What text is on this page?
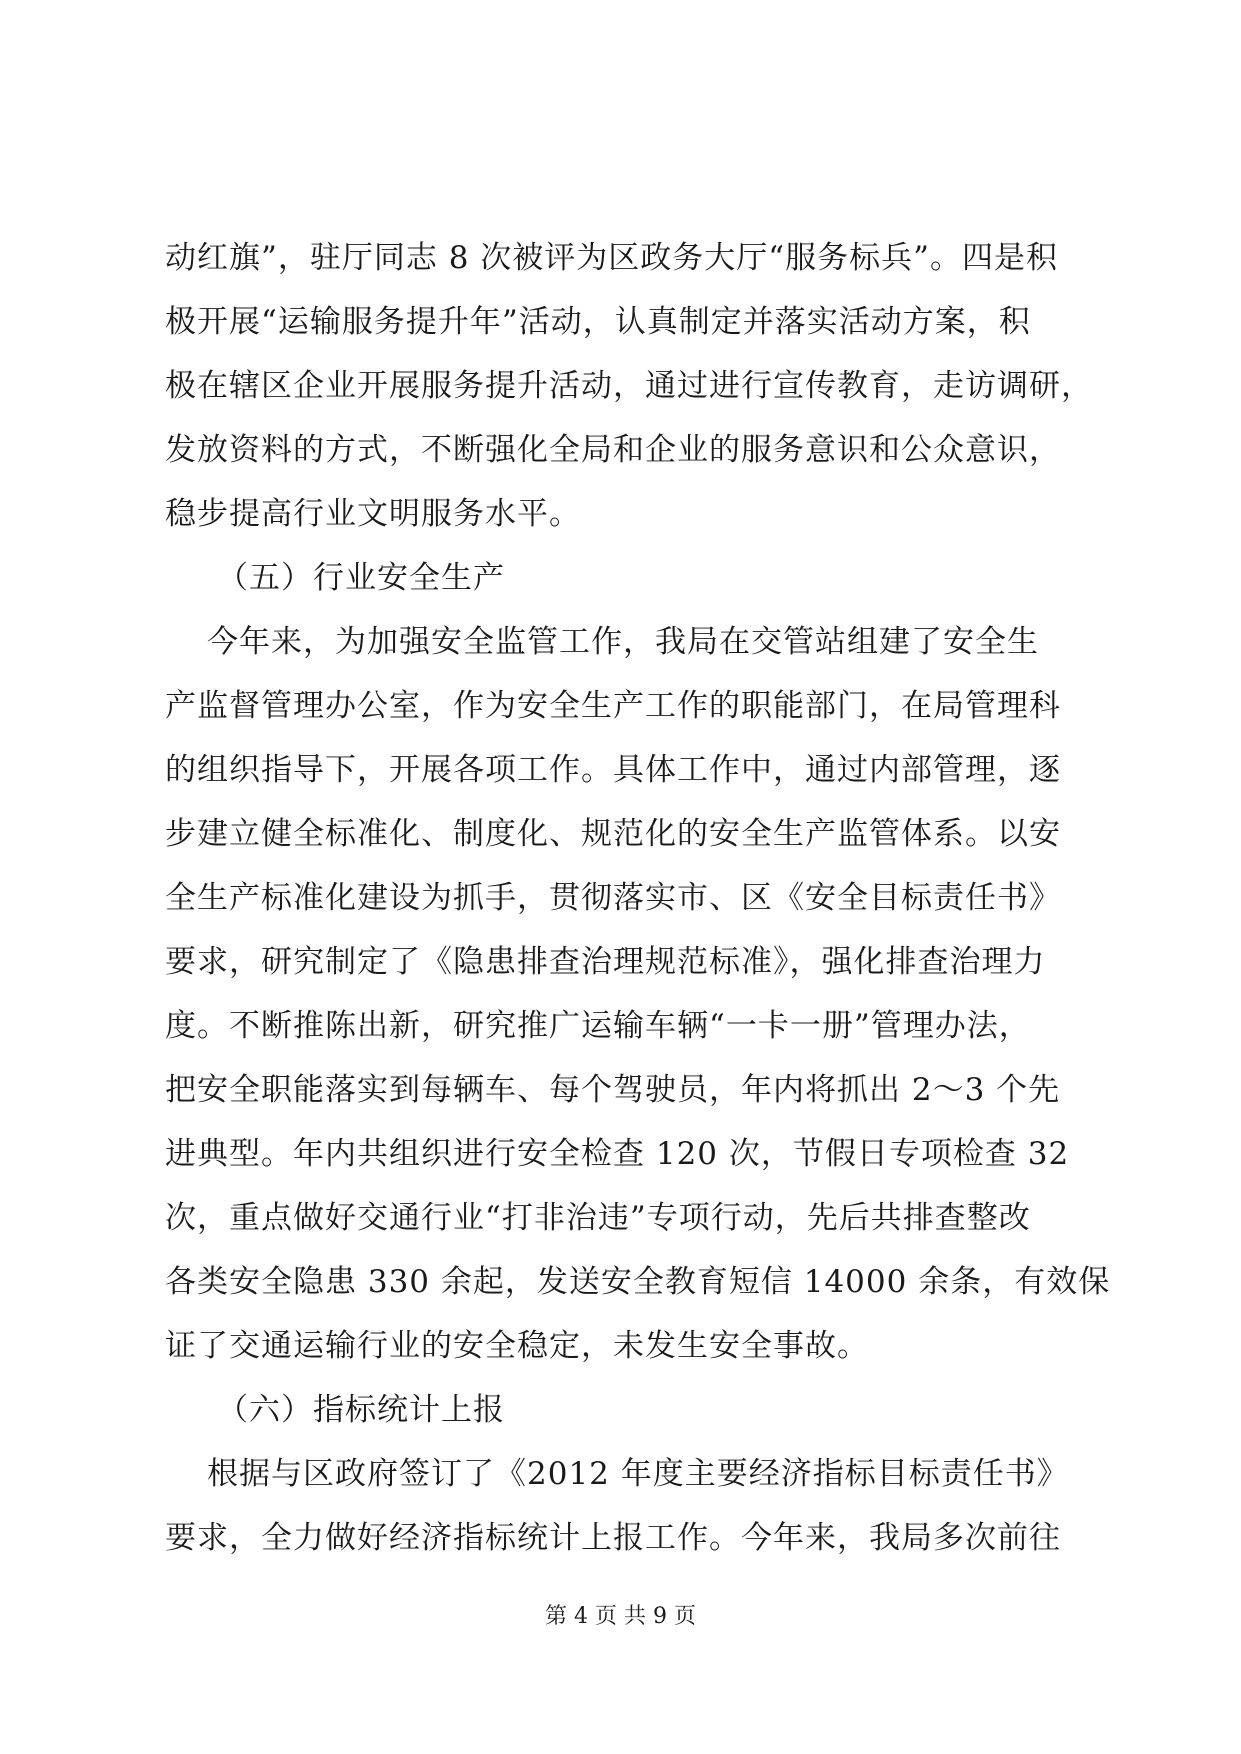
动红旗”，驻厅同志 8 次被评为区政务大厅“服务标兵”。四是积
极开展“运输服务提升年”活动，认真制定并落实活动方案，积
极在辖区企业开展服务提升活动，通过进行宣传教育，走访调研，
发放资料的方式，不断强化全局和企业的服务意识和公众意识，
稳步提高行业文明服务水平。
（五）行业安全生产
今年来，为加强安全监管工作，我局在交管站组建了安全生
产监督管理办公室，作为安全生产工作的职能部门，在局管理科
的组织指导下，开展各项工作。具体工作中，通过内部管理，逐
步建立健全标准化、制度化、规范化的安全生产监管体系。以安
全生产标准化建设为抓手，贯彻落实市、区《安全目标责任书》
要求，研究制定了《隐患排查治理规范标准》，强化排查治理力
度。不断推陈出新，研究推广运输车辆“一卡一册”管理办法，
把安全职能落实到每辆车、每个驾驶员，年内将抓出 2～3 个先
进典型。年内共组织进行安全检查 120 次，节假日专项检查 32
次，重点做好交通行业“打非治违”专项行动，先后共排查整改
各类安全隐患 330 余起，发送安全教育短信 14000 余条，有效保
证了交通运输行业的安全稳定，未发生安全事故。
（六）指标统计上报
根据与区政府签订了《2012 年度主要经济指标目标责任书》
要求，全力做好经济指标统计上报工作。今年来，我局多次前往
第 4 页 共 9 页
